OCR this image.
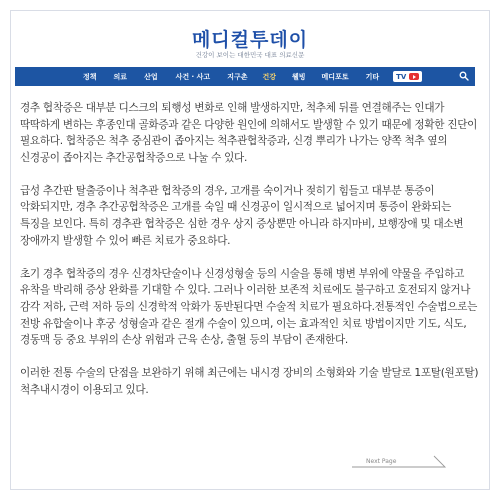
메디컬투데이
건강이 보이는 대한민국 대표 의료신문
정책 의료 산업	사건 · 사고 지구촌 건강 웰빙 메디포토 기타 TV

경추 협착증은 대부분 디스크의 퇴행성 변화로 인해 발생하지만, 척추체 뒤를 연결해주는 인대가 딱딱하게 변하는 후종인대 골화증과 같은 다양한 원인에 의해서도 발생할 수 있기 때문에 정확한 진단이 필요하다. 협착증은 척추 중심관이 좁아지는 척추관협착증과, 신경 뿌리가 나가는 양쪽 척추 옆의 신경공이 좁아지는 추간공협착증으로 나눌 수 있다.

급성 추간판 탈출증이나 척추관 협착증의 경우, 고개를 숙이거나 젖히기 힘들고 대부분 통증이 악화되지만, 경추 추간공협착증은 고개를 숙일 때 신경공이 일시적으로 넓어지며 통증이 완화되는 특징을 보인다. 특히 경추관 협착증은 심한 경우 상지 증상뿐만 아니라 하지마비, 보행장애 및 대소변 장애까지 발생할 수 있어 빠른 치료가 중요하다.

초기 경추 협착증의 경우 신경차단술이나 신경성형술 등의 시술을 통해 병변 부위에 약물을 주입하고 유착을 박리해 증상 완화를 기대할 수 있다. 그러나 이러한 보존적 치료에도 불구하고 호전되지 않거나 감각 저하, 근력 저하 등의 신경학적 악화가 동반된다면 수술적 치료가 필요하다.전통적인 수술법으로는 전방 유합술이나 후궁 성형술과 같은 절개 수술이 있으며, 이는 효과적인 치료 방법이지만 기도, 식도, 경동맥 등 중요 부위의 손상 위험과 근육 손상, 출혈 등의 부담이 존재한다.

이러한 전통 수술의 단점을 보완하기 위해 최근에는 내시경 장비의 소형화와 기술 발달로 1포탈(원포탈) 척추내시경이 이용되고 있다.

Next Page
